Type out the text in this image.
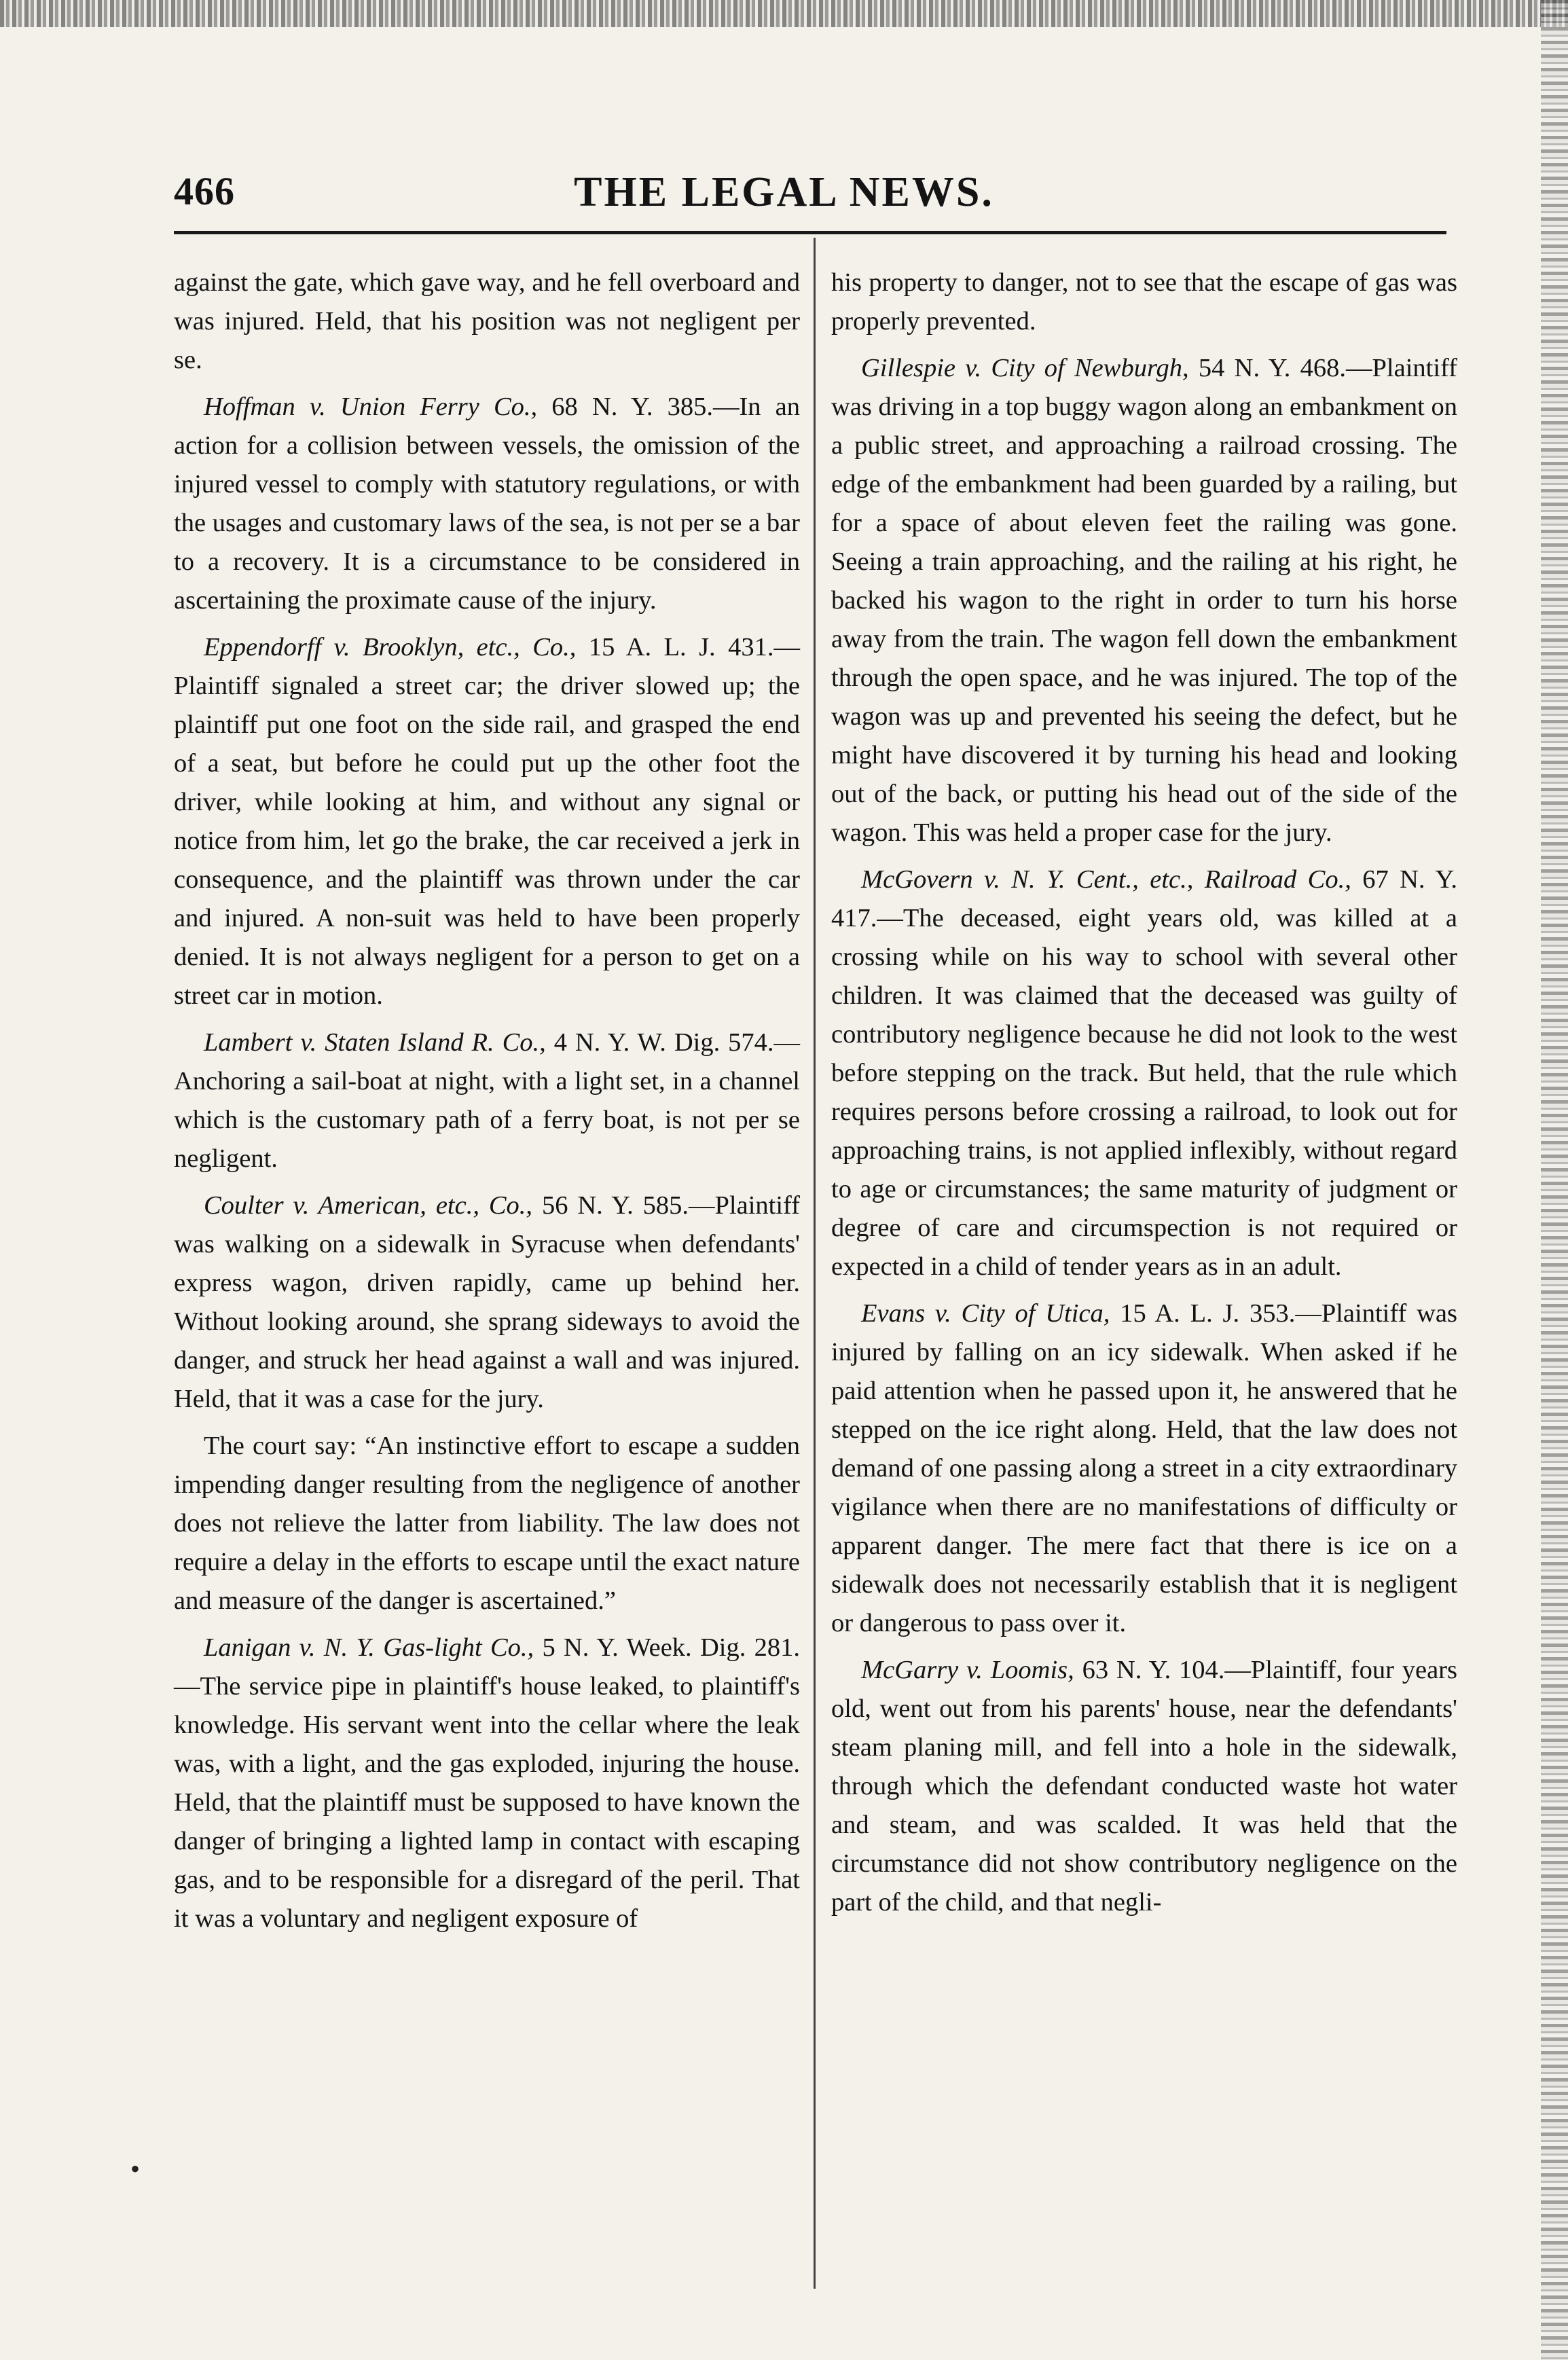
466	THE LEGAL NEWS.

against the gate, which gave way, and he fell overboard and was injured. Held, that his position was not negligent per se.

Hoffman v. Union Ferry Co., 68 N. Y. 385.—In an action for a collision between vessels, the omission of the injured vessel to comply with statutory regulations, or with the usages and customary laws of the sea, is not per se a bar to a recovery. It is a circumstance to be considered in ascertaining the proximate cause of the injury.

Eppendorff v. Brooklyn, etc., Co., 15 A. L. J. 431.—Plaintiff signaled a street car; the driver slowed up; the plaintiff put one foot on the side rail, and grasped the end of a seat, but before he could put up the other foot the driver, while looking at him, and without any signal or notice from him, let go the brake, the car received a jerk in consequence, and the plaintiff was thrown under the car and injured. A non-suit was held to have been properly denied. It is not always negligent for a person to get on a street car in motion.

Lambert v. Staten Island R. Co., 4 N. Y. W. Dig. 574.—Anchoring a sail-boat at night, with a light set, in a channel which is the customary path of a ferry boat, is not per se negligent.

Coulter v. American, etc., Co., 56 N. Y. 585.—Plaintiff was walking on a sidewalk in Syracuse when defendants' express wagon, driven rapidly, came up behind her. Without looking around, she sprang sideways to avoid the danger, and struck her head against a wall and was injured. Held, that it was a case for the jury.

The court say: “An instinctive effort to escape a sudden impending danger resulting from the negligence of another does not relieve the latter from liability. The law does not require a delay in the efforts to escape until the exact nature and measure of the danger is ascertained.”

Lanigan v. N. Y. Gas-light Co., 5 N. Y. Week. Dig. 281.—The service pipe in plaintiff's house leaked, to plaintiff's knowledge. His servant went into the cellar where the leak was, with a light, and the gas exploded, injuring the house. Held, that the plaintiff must be supposed to have known the danger of bringing a lighted lamp in contact with escaping gas, and to be responsible for a disregard of the peril. That it was a voluntary and negligent exposure of

his property to danger, not to see that the escape of gas was properly prevented.

Gillespie v. City of Newburgh, 54 N. Y. 468.—Plaintiff was driving in a top buggy wagon along an embankment on a public street, and approaching a railroad crossing. The edge of the embankment had been guarded by a railing, but for a space of about eleven feet the railing was gone. Seeing a train approaching, and the railing at his right, he backed his wagon to the right in order to turn his horse away from the train. The wagon fell down the embankment through the open space, and he was injured. The top of the wagon was up and prevented his seeing the defect, but he might have discovered it by turning his head and looking out of the back, or putting his head out of the side of the wagon. This was held a proper case for the jury.

McGovern v. N. Y. Cent., etc., Railroad Co., 67 N. Y. 417.—The deceased, eight years old, was killed at a crossing while on his way to school with several other children. It was claimed that the deceased was guilty of contributory negligence because he did not look to the west before stepping on the track. But held, that the rule which requires persons before crossing a railroad, to look out for approaching trains, is not applied inflexibly, without regard to age or circumstances; the same maturity of judgment or degree of care and circumspection is not required or expected in a child of tender years as in an adult.

Evans v. City of Utica, 15 A. L. J. 353.—Plaintiff was injured by falling on an icy sidewalk. When asked if he paid attention when he passed upon it, he answered that he stepped on the ice right along. Held, that the law does not demand of one passing along a street in a city extraordinary vigilance when there are no manifestations of difficulty or apparent danger. The mere fact that there is ice on a sidewalk does not necessarily establish that it is negligent or dangerous to pass over it.

McGarry v. Loomis, 63 N. Y. 104.—Plaintiff, four years old, went out from his parents' house, near the defendants' steam planing mill, and fell into a hole in the sidewalk, through which the defendant conducted waste hot water and steam, and was scalded. It was held that the circumstance did not show contributory negligence on the part of the child, and that negli-

•
